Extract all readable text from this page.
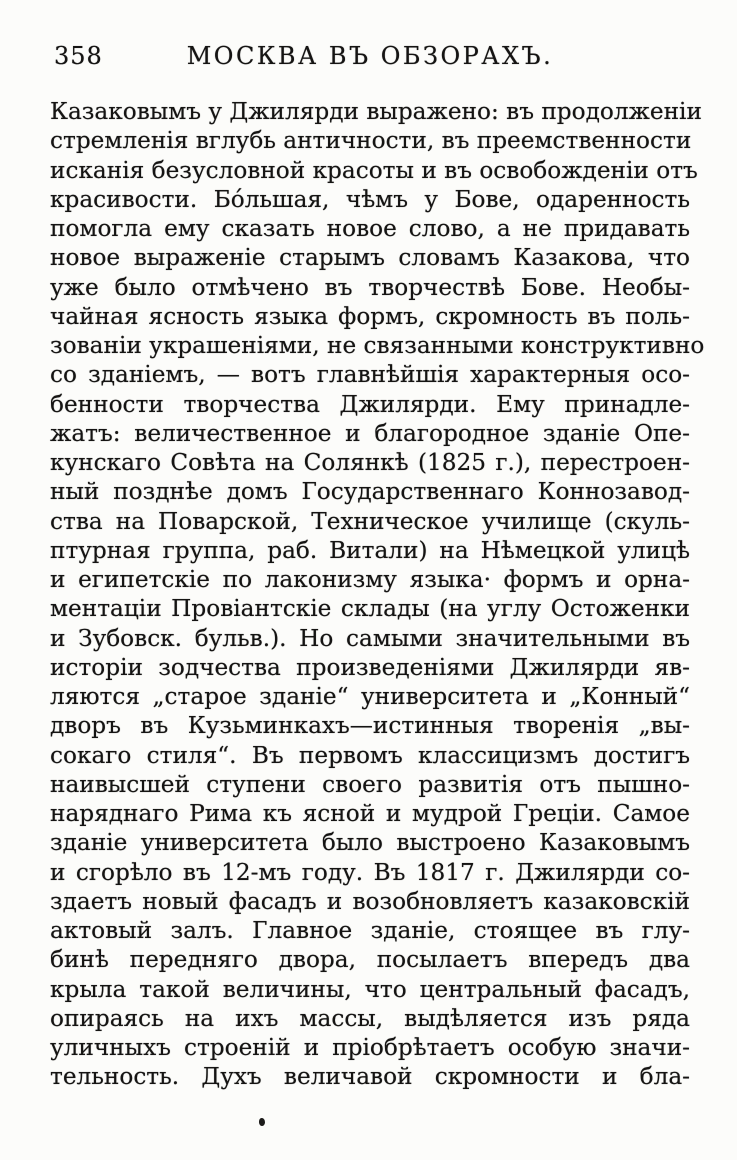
358	МОСКВА ВЪ ОБЗОРАХЪ.
Казаковымъ у Джилярди выражено: въ продолженіи
стремленія вглубь античности, въ преемственности
исканія безусловной красоты и въ освобожденіи отъ
красивости. Бо́льшая, чѣмъ у Бове, одаренность
помогла ему сказать новое слово, а не придавать
новое выраженіе старымъ словамъ Казакова, что
уже было отмѣчено въ творчествѣ Бове. Необы-
чайная ясность языка формъ, скромность въ поль-
зованіи украшеніями, не связанными конструктивно
со зданіемъ, — вотъ главнѣйшія характерныя осо-
бенности творчества Джилярди. Ему принадле-
жатъ: величественное и благородное зданіе Опе-
кунскаго Совѣта на Солянкѣ (1825 г.), перестроен-
ный позднѣе домъ Государственнаго Коннозавод-
ства на Поварской, Техническое училище (скуль-
птурная группа, раб. Витали) на Нѣмецкой улицѣ
и египетскіе по лаконизму языка· формъ и орна-
ментаціи Провіантскіе склады (на углу Остоженки
и Зубовск. бульв.). Но самыми значительными въ
исторіи зодчества произведеніями Джилярди яв-
ляются „старое зданіе“ университета и „Конный“
дворъ въ Кузьминкахъ—истинныя творенія „вы-
сокаго стиля“. Въ первомъ классицизмъ достигъ
наивысшей ступени своего развитія отъ пышно-
наряднаго Рима къ ясной и мудрой Греціи. Самое
зданіе университета было выстроено Казаковымъ
и сгорѣло въ 12-мъ году. Въ 1817 г. Джилярди со-
здаетъ новый фасадъ и возобновляетъ казаковскій
актовый залъ. Главное зданіе, стоящее въ глу-
бинѣ передняго двора, посылаетъ впередъ два
крыла такой величины, что центральный фасадъ,
опираясь на ихъ массы, выдѣляется изъ ряда
уличныхъ строеній и пріобрѣтаетъ особую значи-
тельность. Духъ величавой скромности и бла-
